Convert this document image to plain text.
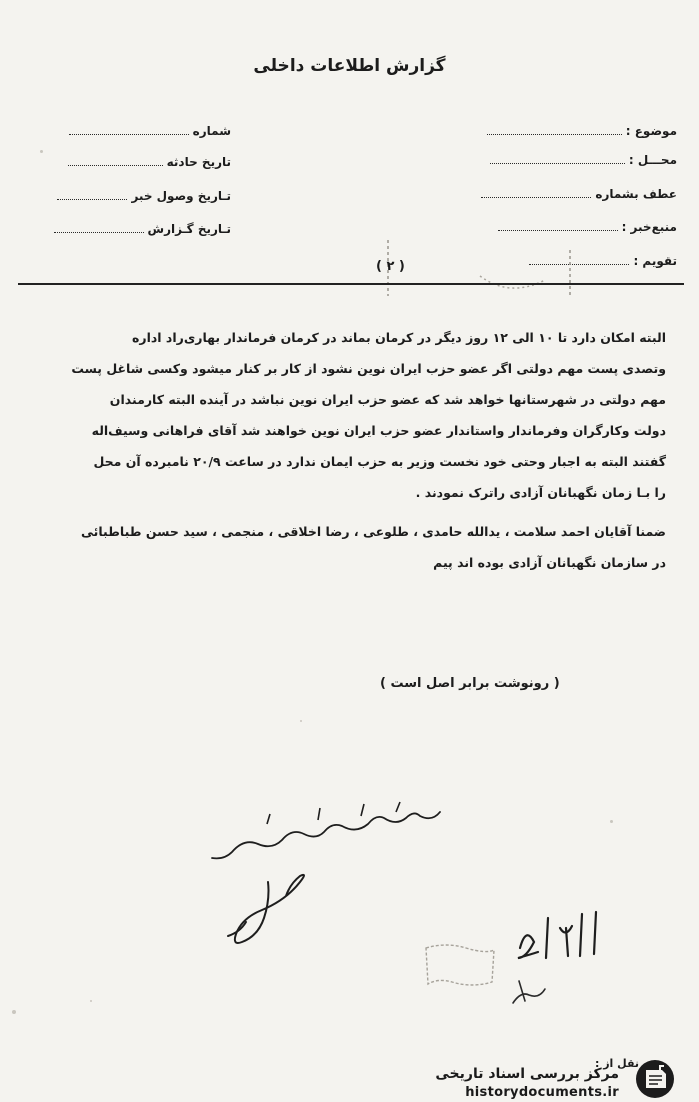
گزارش اطلاعات داخلی
موضوع :
محـــل :
عطف بشماره
منبع‌خبر :
تقويم :
شماره
تاریخ حادثه
تـاريخ وصول خبر
تـاریخ گـزارش
( ۲ )

البته امکان دارد تا ۱۰ الی ۱۲ روز دیگر در کرمان بماند در کرمان فرماندار بهاری‌راد اداره

وتصدی پست مهم دولتی اگر عضو حزب ایران نوین نشود از کار بر کنار میشود وکسی شاغل پست

مهم دولتی در شهرستانها خواهد شد که عضو حزب ایران نوین نباشد در آینده البته کارمندان

دولت وکارگران وفرماندار واستاندار عضو حزب ایران نوین خواهند شد آقای فراهانی وسیف‌اله

گفتند البته به اجبار وحتی خود نخست وزیر به حزب ایمان ندارد در ساعت ۲۰/۹ نامبرده آن محل

را بـا زمان نگهبانان آزادی راترک نمودند .

ضمنا آقایان احمد سلامت ، یدالله حامدی ، طلوعی ، رضا اخلاقی ، منجمی ، سید حسن طباطبائی

در سازمان نگهبانان آزادی بوده اند پیم

( رونوشت برابر اصل است )
نقل از :
مرکز بررسی اسناد تاریخی
historydocuments.ir
